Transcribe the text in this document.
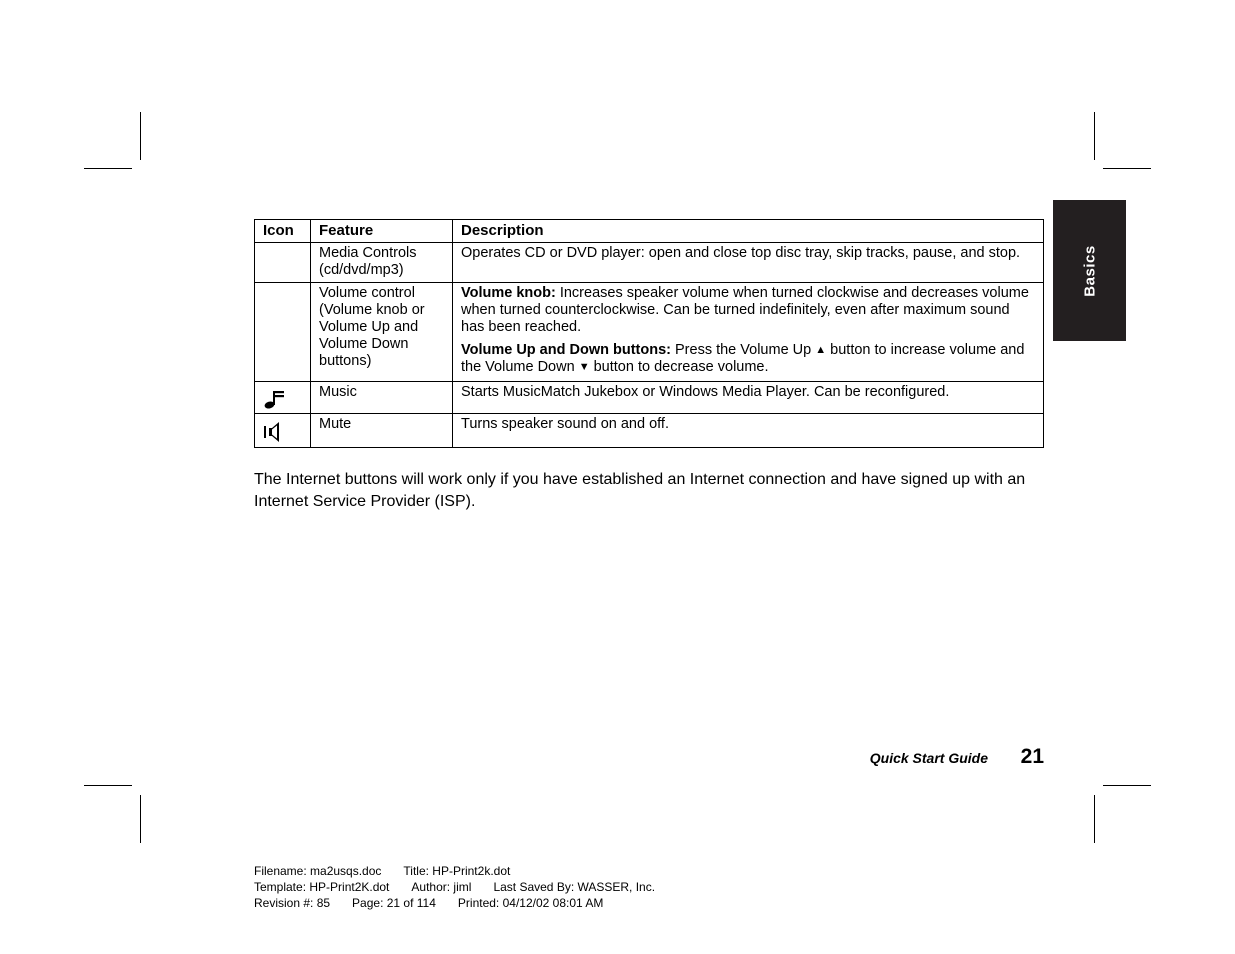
Basics
Icon	Feature	Description
	Media Controls (cd/dvd/mp3)	Operates CD or DVD player: open and close top disc tray, skip tracks, pause, and stop.
	Volume control (Volume knob or Volume Up and Volume Down buttons)	Volume knob: Increases speaker volume when turned clockwise and decreases volume when turned counterclockwise. Can be turned indefinitely, even after maximum sound has been reached.

Volume Up and Down buttons: Press the Volume Up ▲ button to increase volume and the Volume Down ▼ button to decrease volume.

	Music	Starts MusicMatch Jukebox or Windows Media Player. Can be reconfigured.

	Mute	Turns speaker sound on and off.

The Internet buttons will work only if you have established an Internet connection and have signed up with an Internet Service Provider (ISP).

Quick Start Guide	21
Filename: ma2usqs.doc Title: HP-Print2k.dot
Template: HP-Print2K.dot Author: jiml Last Saved By: WASSER, Inc.
Revision #: 85 Page: 21 of 114 Printed: 04/12/02 08:01 AM
